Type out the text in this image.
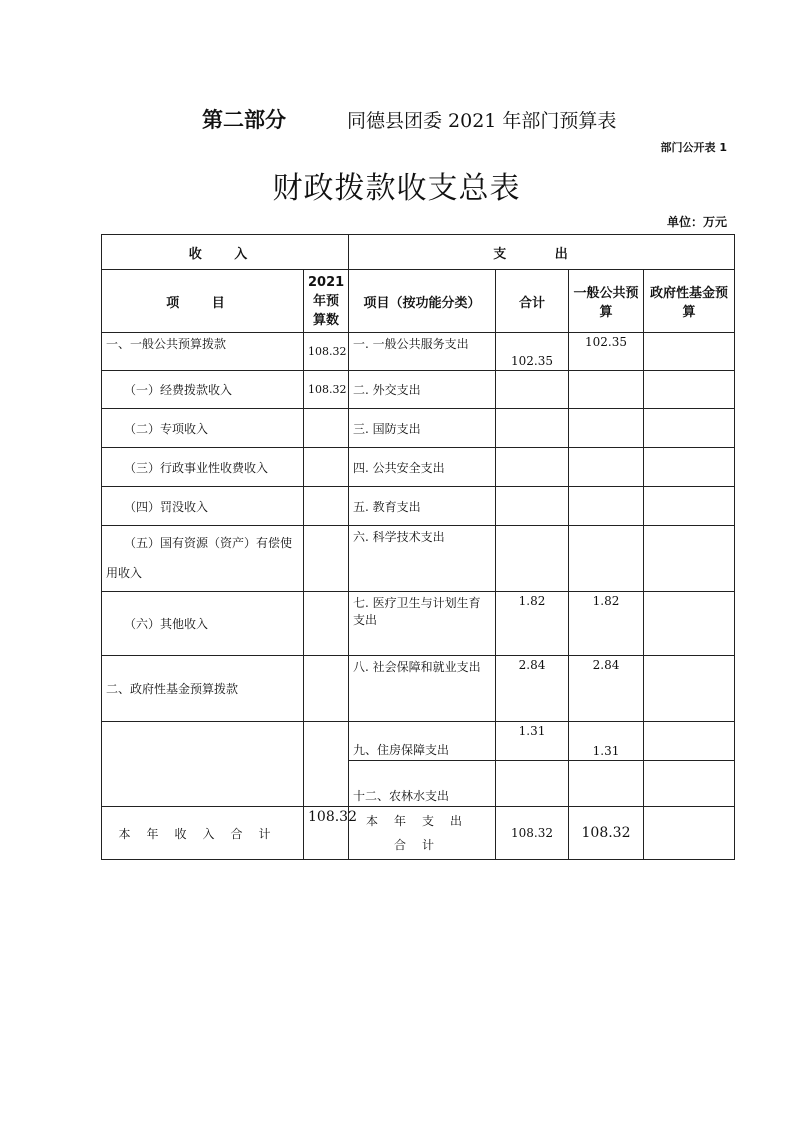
第二部分	同德县团委 2021 年部门预算表
部门公开表 1
财政拨款收支总表
单位：万元
收 入		支 出			
项 目	2021 年预算数	项目（按功能分类）	合计	一般公共预算	政府性基金预算
一、一般公共预算拨款	108.32	一. 一般公共服务支出	102.35	102.35	
（一）经费拨款收入	108.32	二. 外交支出			
（二）专项收入		三. 国防支出			
（三）行政事业性收费收入		四. 公共安全支出			
（四）罚没收入		五. 教育支出			
（五）国有资源（资产）有偿使用收入		六. 科学技术支出			
（六）其他收入		七. 医疗卫生与计划生育支出	1.82	1.82	
二、政府性基金预算拨款		八. 社会保障和就业支出	2.84	2.84	
		九、住房保障支出	1.31	1.31	
		十二、农林水支出			
本年收入合计	108.32	本年支出合计	108.32	108.32	
